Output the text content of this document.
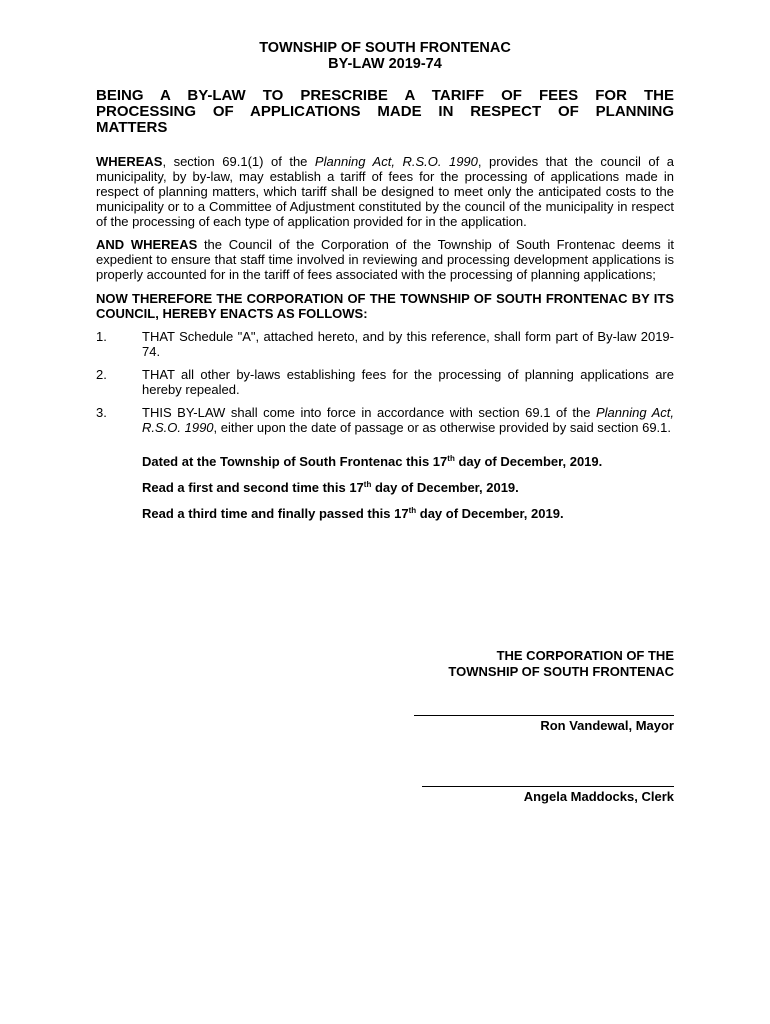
TOWNSHIP OF SOUTH FRONTENAC
BY-LAW 2019-74
BEING A BY-LAW TO PRESCRIBE A TARIFF OF FEES FOR THE
PROCESSING OF APPLICATIONS MADE IN RESPECT OF PLANNING
MATTERS

WHEREAS, section 69.1(1) of the Planning Act, R.S.O. 1990, provides that the council of a municipality, by by-law, may establish a tariff of fees for the processing of applications made in respect of planning matters, which tariff shall be designed to meet only the anticipated costs to the municipality or to a Committee of Adjustment constituted by the council of the municipality in respect of the processing of each type of application provided for in the application.

AND WHEREAS the Council of the Corporation of the Township of South Frontenac deems it expedient to ensure that staff time involved in reviewing and processing development applications is properly accounted for in the tariff of fees associated with the processing of planning applications;

NOW THEREFORE THE CORPORATION OF THE TOWNSHIP OF SOUTH FRONTENAC BY ITS COUNCIL, HEREBY ENACTS AS FOLLOWS:

1.	THAT Schedule "A", attached hereto, and by this reference, shall form part of By-law 2019-74.
2.	THAT all other by-laws establishing fees for the processing of planning applications are hereby repealed.
3.	THIS BY-LAW shall come into force in accordance with section 69.1 of the Planning Act, R.S.O. 1990, either upon the date of passage or as otherwise provided by said section 69.1.

Dated at the Township of South Frontenac this 17th day of December, 2019.

Read a first and second time this 17th day of December, 2019.

Read a third time and finally passed this 17th day of December, 2019.

THE CORPORATION OF THE
TOWNSHIP OF SOUTH FRONTENAC
Ron Vandewal, Mayor
Angela Maddocks, Clerk
